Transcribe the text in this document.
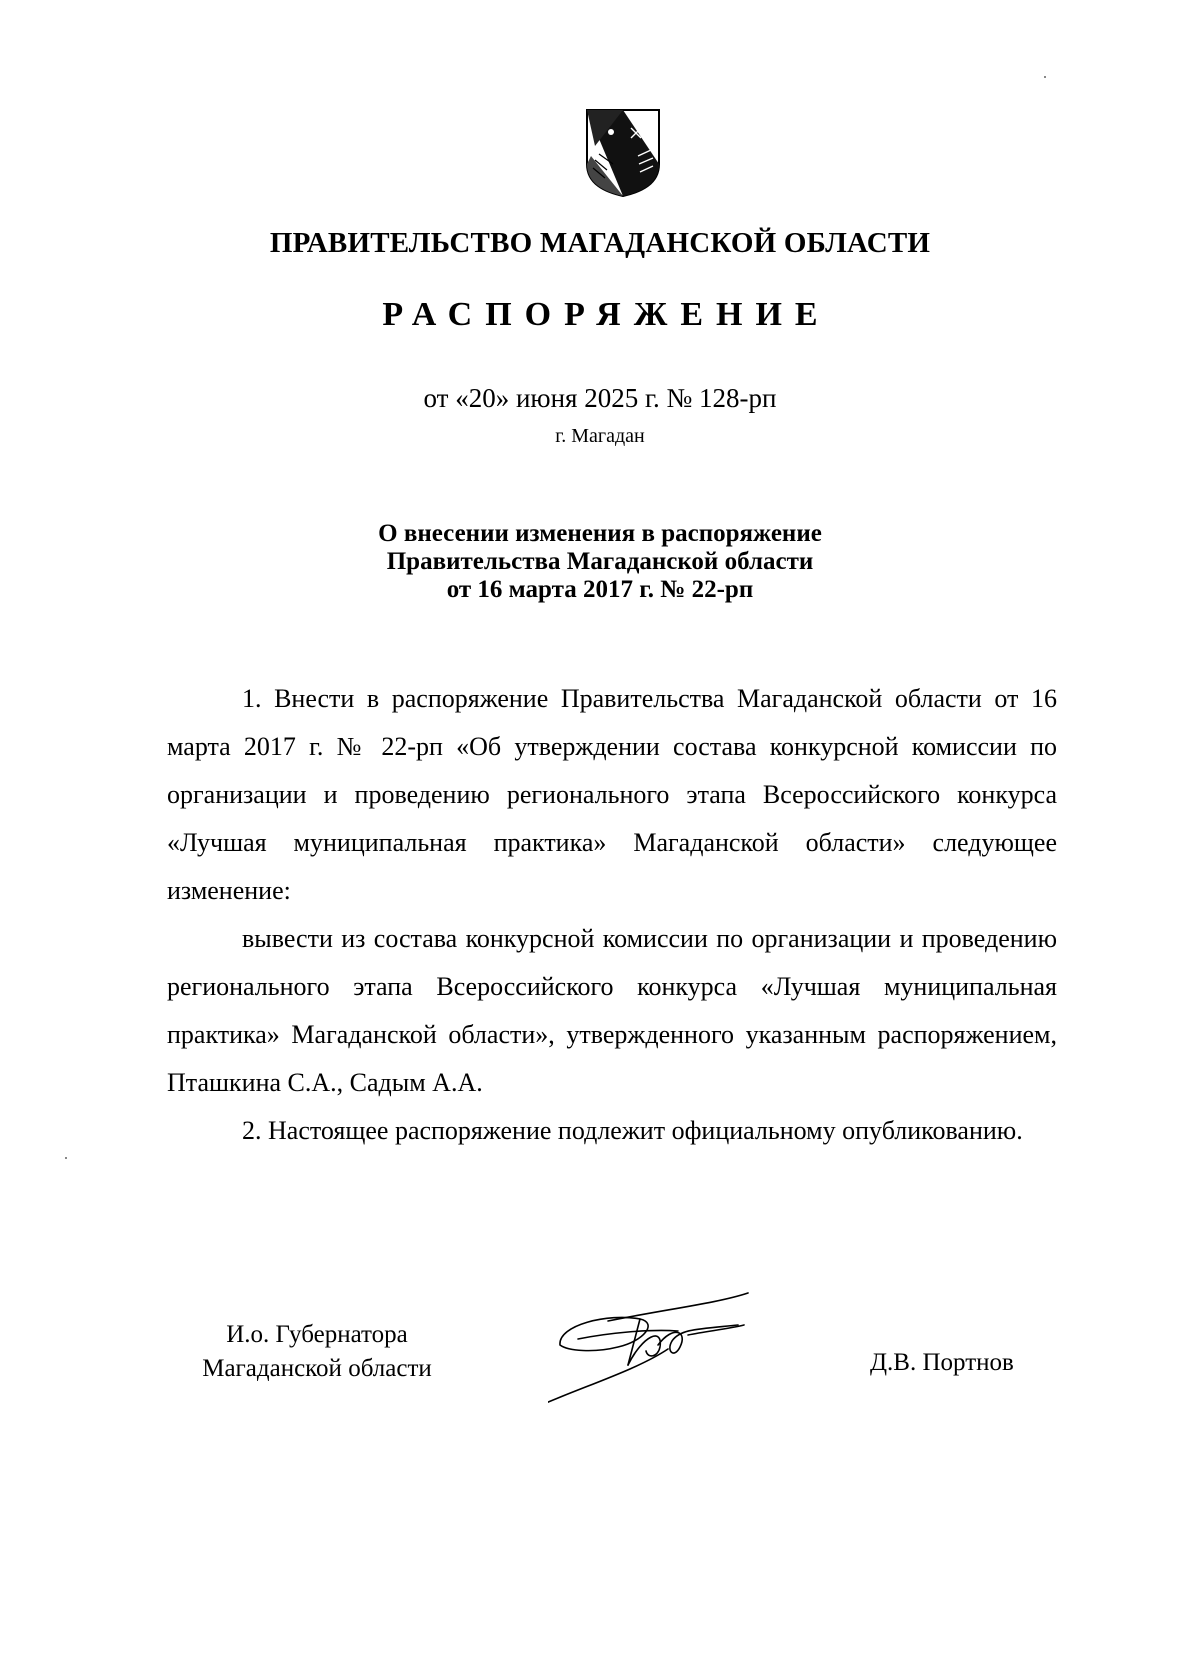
ПРАВИТЕЛЬСТВО МАГАДАНСКОЙ ОБЛАСТИ
РАСПОРЯЖЕНИЕ
от «20» июня 2025 г. № 128-рп
г. Магадан
О внесении изменения в распоряжение
Правительства Магаданской области
от 16 марта 2017 г. № 22-рп

1. Внести в распоряжение Правительства Магаданской области от 16 марта 2017 г. № 22-рп «Об утверждении состава конкурсной комиссии по организации и проведению регионального этапа Всероссийского конкурса «Лучшая муниципальная практика» Магаданской области» следующее изменение:

вывести из состава конкурсной комиссии по организации и проведению регионального этапа Всероссийского конкурса «Лучшая муниципальная практика» Магаданской области», утвержденного указанным распоряжением, Пташкина С.А., Садым А.А.

2. Настоящее распоряжение подлежит официальному опубликованию.

И.о. Губернатора
Магаданской области	Д.В. Портнов
